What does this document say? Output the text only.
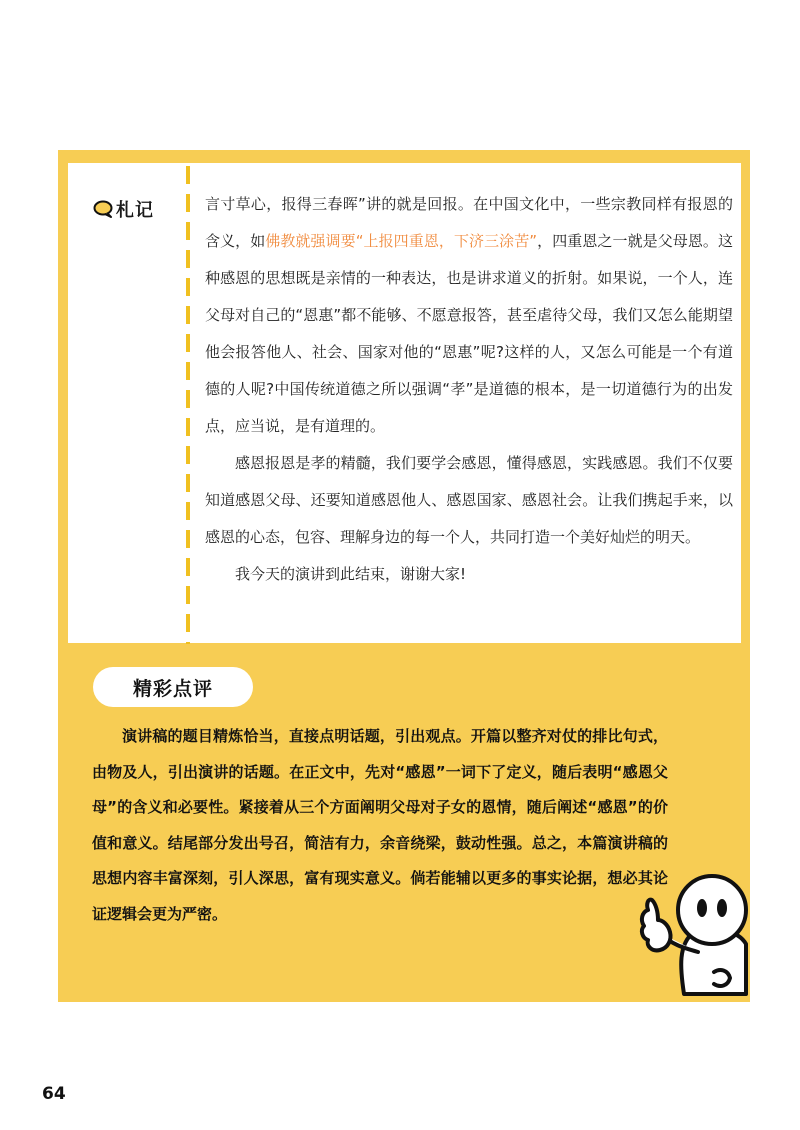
札记	言寸草心，报得三春晖”讲的就是回报。在中国文化中，一些宗教同样有报恩的含义，如佛教就强调要“上报四重恩，下济三涂苦”，四重恩之一就是父母恩。这种感恩的思想既是亲情的一种表达，也是讲求道义的折射。如果说，一个人，连父母对自己的“恩惠”都不能够、不愿意报答，甚至虐待父母，我们又怎么能期望他会报答他人、社会、国家对他的“恩惠”呢?这样的人，又怎么可能是一个有道德的人呢?中国传统道德之所以强调“孝”是道德的根本，是一切道德行为的出发点，应当说，是有道理的。

感恩报恩是孝的精髓，我们要学会感恩，懂得感恩，实践感恩。我们不仅要知道感恩父母、还要知道感恩他人、感恩国家、感恩社会。让我们携起手来，以感恩的心态，包容、理解身边的每一个人，共同打造一个美好灿烂的明天。

我今天的演讲到此结束，谢谢大家!

精彩点评
演讲稿的题目精炼恰当，直接点明话题，引出观点。开篇以整齐对仗的排比句式，由物及人，引出演讲的话题。在正文中，先对“感恩”一词下了定义，随后表明“感恩父母”的含义和必要性。紧接着从三个方面阐明父母对子女的恩情，随后阐述“感恩”的价值和意义。结尾部分发出号召，简洁有力，余音绕梁，鼓动性强。总之，本篇演讲稿的思想内容丰富深刻，引人深思，富有现实意义。倘若能辅以更多的事实论据，想必其论证逻辑会更为严密。
64
